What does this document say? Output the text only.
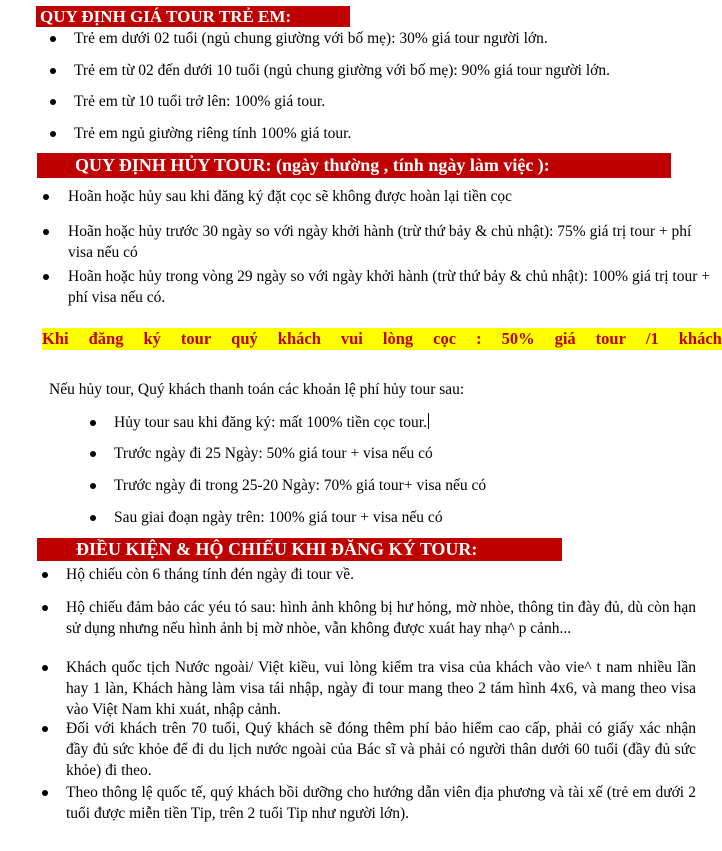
QUY ĐỊNH GIÁ TOUR TRẺ EM:
Trẻ em dưới 02 tuổi (ngủ chung giường với bố mẹ): 30% giá tour người lớn.
Trẻ em từ 02 đến dưới 10 tuổi (ngủ chung giường với bố mẹ): 90% giá tour người lớn.
Trẻ em từ 10 tuổi trở lên: 100% giá tour.
Trẻ em ngủ giường riêng tính 100% giá tour.
QUY ĐỊNH HỦY TOUR: (ngày thường , tính ngày làm việc ):
Hoãn hoặc hủy sau khi đăng ký đặt cọc sẽ không được hoàn lại tiền cọc
Hoãn hoặc hủy trước 30 ngày so với ngày khởi hành (trừ thứ bảy & chủ nhật): 75% giá trị tour + phí visa nếu có
Hoãn hoặc hủy trong vòng 29 ngày so với ngày khởi hành (trừ thứ bảy & chủ nhật): 100% giá trị tour + phí visa nếu có.
Khi đăng ký tour quý khách vui lòng cọc : 50% giá tour /1 khách
Nếu hủy tour, Quý khách thanh toán các khoản lệ phí hủy tour sau:
Hủy tour sau khi đăng ký: mất 100% tiền cọc tour.
Trước ngày đi 25 Ngày: 50% giá tour + visa nếu có
Trước ngày đi trong 25-20 Ngày: 70% giá tour+ visa nếu có
Sau giai đoạn ngày trên: 100% giá tour + visa nếu có
ĐIỀU KIỆN & HỘ CHIẾU KHI ĐĂNG KÝ TOUR:
Hộ chiếu còn 6 tháng tính đén ngày đi tour về.
Hộ chiếu đảm bảo các yéu tó sau: hình ảnh không bị hư hỏng, mờ nhòe, thông tin đày đủ, dù còn hạn sử dụng nhưng nếu hình ảnh bị mờ nhòe, vẫn không được xuát hay nhạ^ p cảnh...
Khách quốc tịch Nước ngoài/ Việt kiều, vui lòng kiểm tra visa của khách vào vie^ t nam nhiều lần hay 1 làn, Khách hàng làm visa tái nhập, ngày đi tour mang theo 2 tám hình 4x6, và mang theo visa vào Việt Nam khi xuát, nhập cảnh.
Đối với khách trên 70 tuổi, Quý khách sẽ đóng thêm phí bảo hiểm cao cấp, phải có giấy xác nhận đầy đủ sức khỏe để đi du lịch nước ngoài của Bác sĩ và phải có người thân dưới 60 tuổi (đầy đủ sức khỏe) đi theo.
Theo thông lệ quốc tế, quý khách bồi dưỡng cho hướng dẫn viên địa phương và tài xế (trẻ em dưới 2 tuổi được miễn tiền Tip, trên 2 tuổi Tip như người lớn).
